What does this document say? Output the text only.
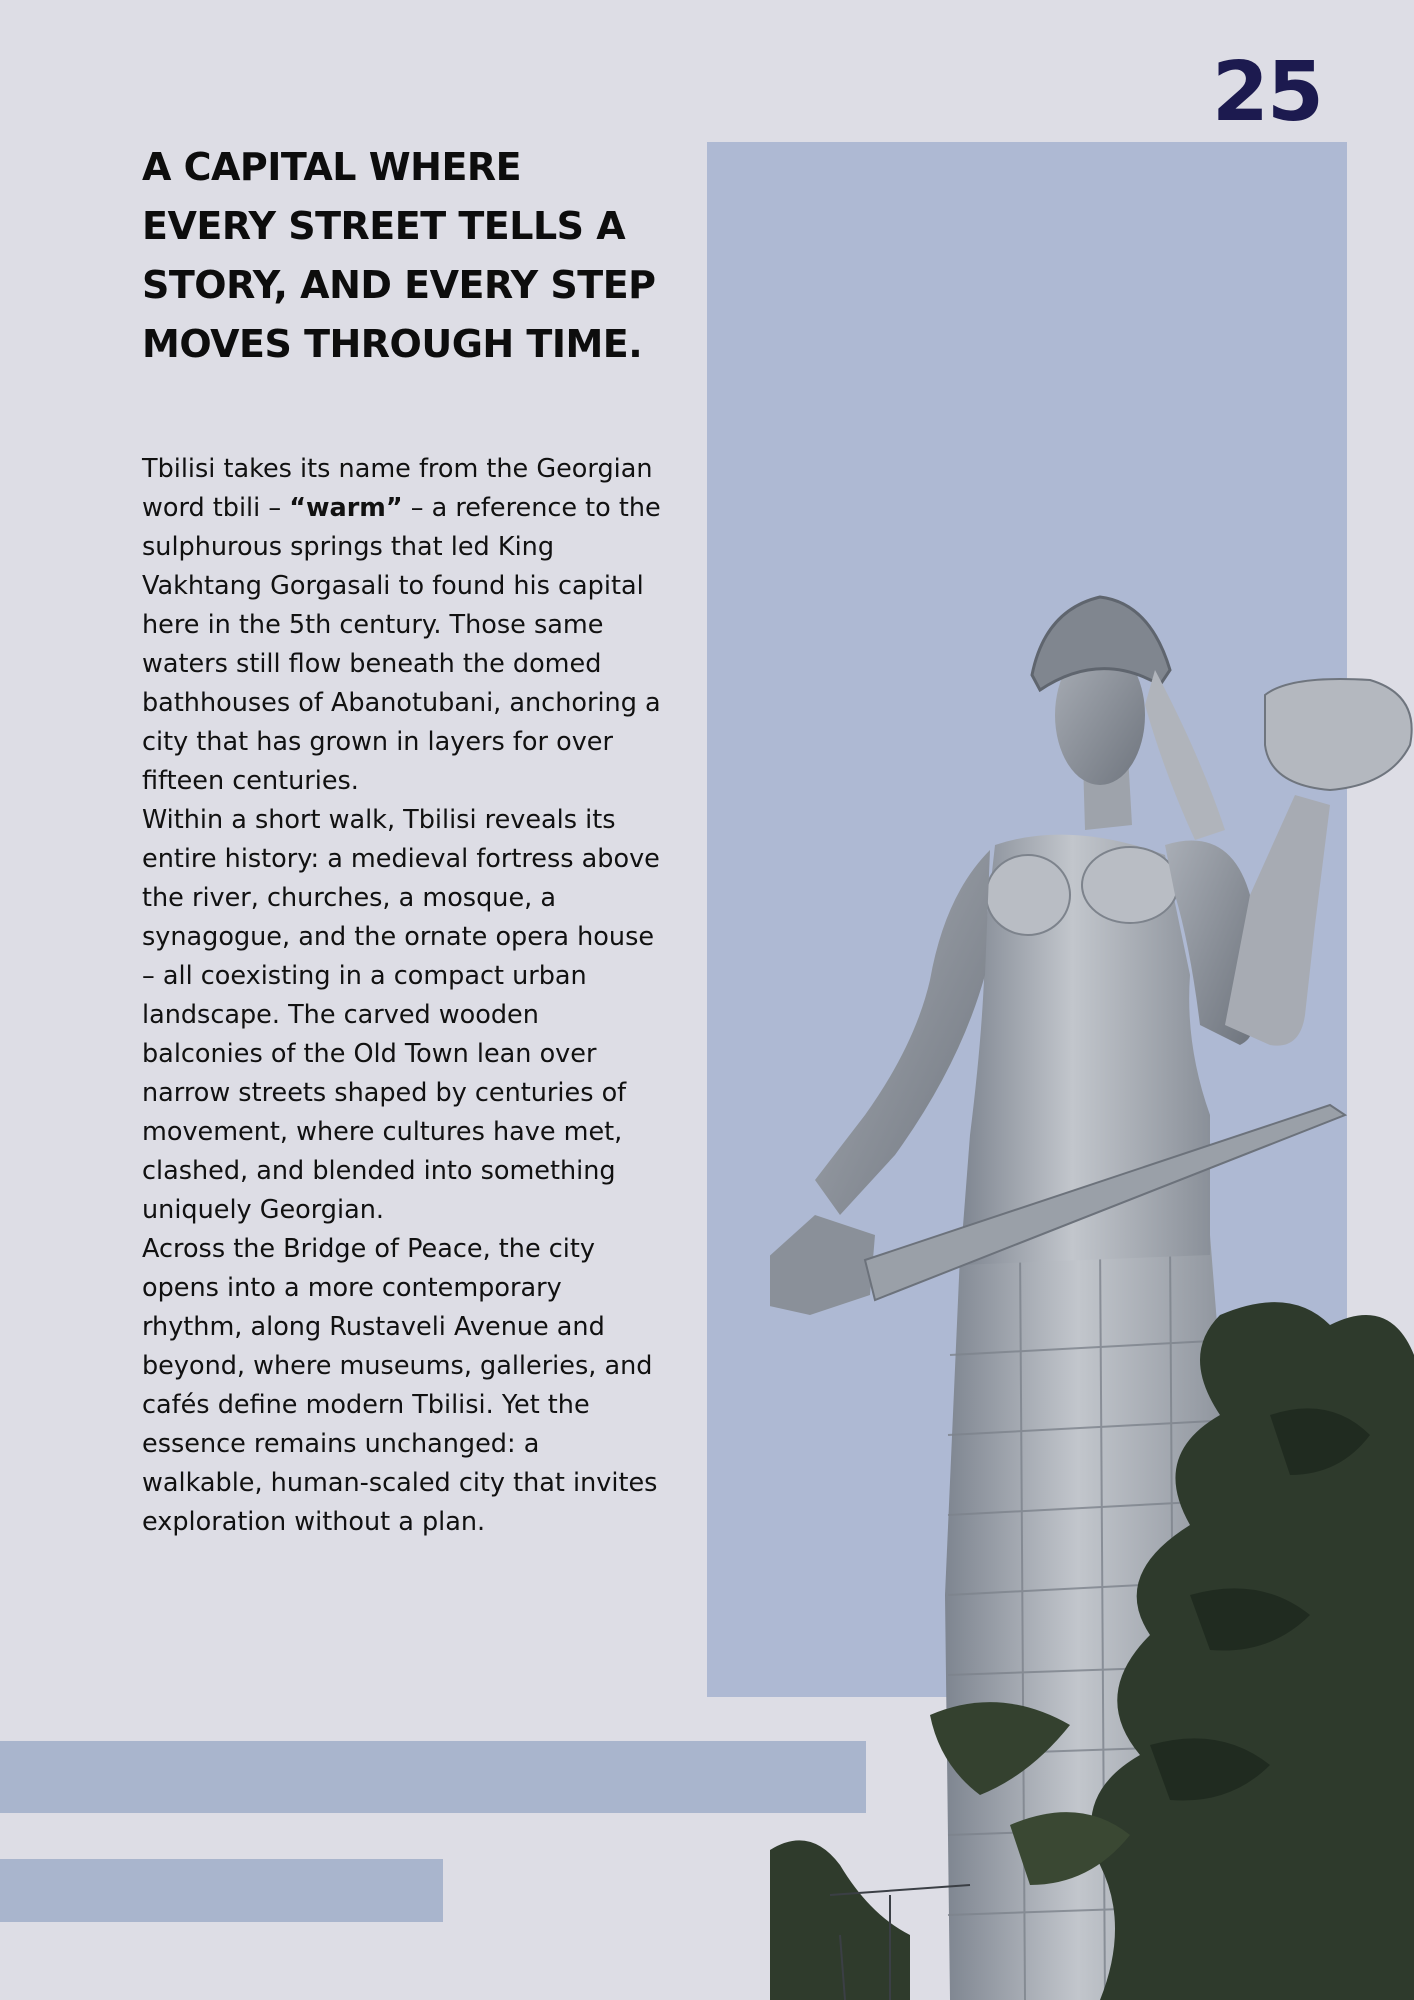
25
A CAPITAL WHERE EVERY STREET TELLS A STORY, AND EVERY STEP MOVES THROUGH TIME.

Tbilisi takes its name from the Georgian word tbili – “warm” – a reference to the sulphurous springs that led King Vakhtang Gorgasali to found his capital here in the 5th century. Those same waters still flow beneath the domed bathhouses of Abanotubani, anchoring a city that has grown in layers for over fifteen centuries.

Within a short walk, Tbilisi reveals its entire history: a medieval fortress above the river, churches, a mosque, a synagogue, and the ornate opera house – all coexisting in a compact urban landscape. The carved wooden balconies of the Old Town lean over narrow streets shaped by centuries of movement, where cultures have met, clashed, and blended into something uniquely Georgian.

Across the Bridge of Peace, the city opens into a more contemporary rhythm, along Rustaveli Avenue and beyond, where museums, galleries, and cafés define modern Tbilisi. Yet the essence remains unchanged: a walkable, human-scaled city that invites exploration without a plan.
